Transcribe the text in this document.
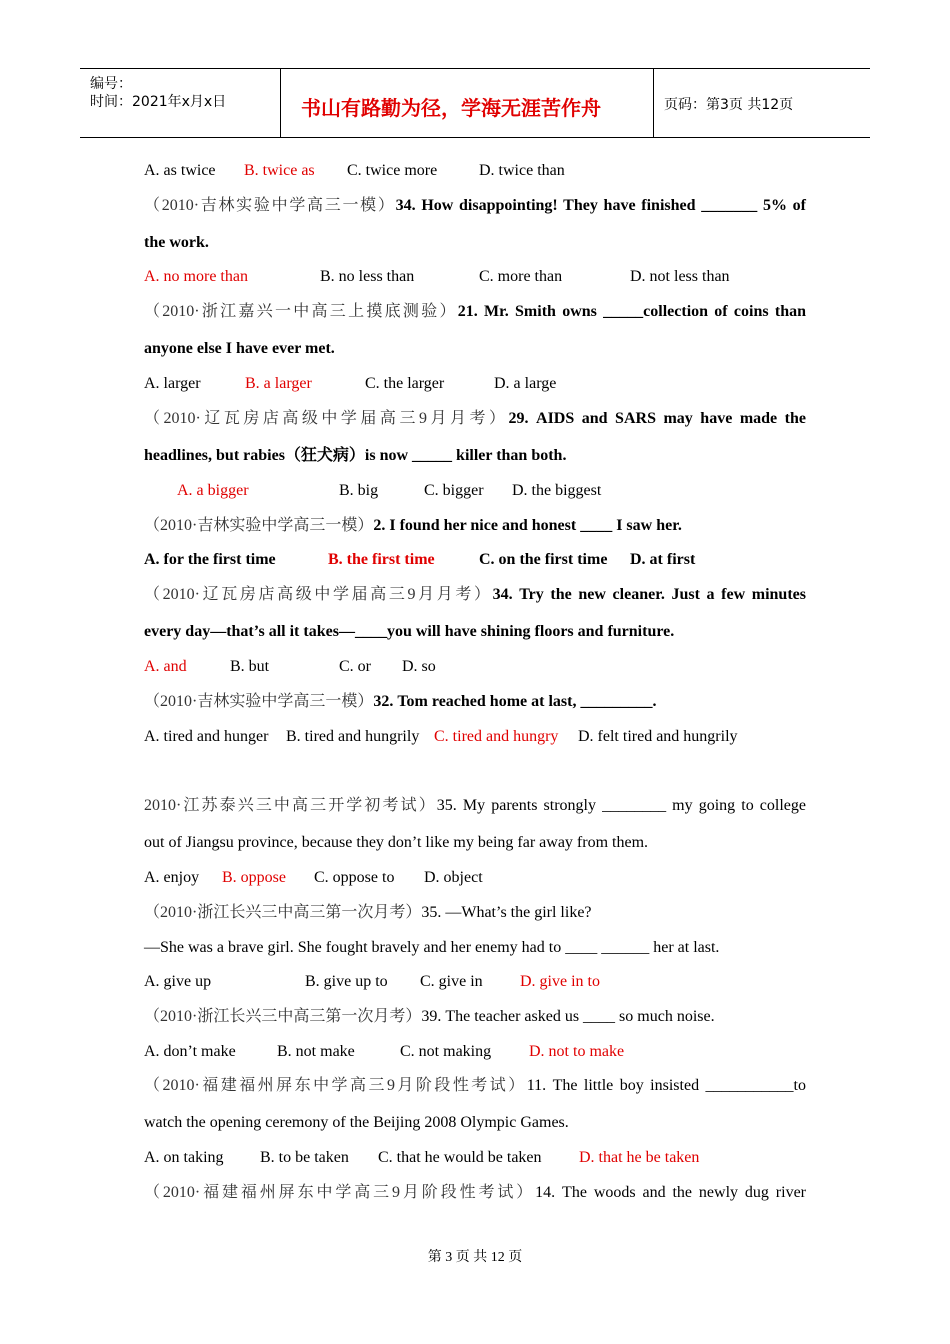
编号：
时间：2021年x月x日	书山有路勤为径，学海无涯苦作舟	页码：第3页 共12页
A. as twice B. twice as C. twice more	D. twice than
（2010·吉林实验中学高三一模）34. How disappointing! They have finished _______ 5% of
the work.
A. no more than	B. no less than	C. more than	D. not less than
（2010·浙江嘉兴一中高三上摸底测验）21. Mr. Smith owns _____collection of coins than
anyone else I have ever met.
A. larger	B. a larger	C. the larger	D. a large
（2010·辽瓦房店高级中学届高三9月月考）29. AIDS and SARS may have made the
headlines, but rabies（狂犬病）is now _____ killer than both.
A. a bigger	B. big	C. bigger D. the biggest
（2010·吉林实验中学高三一模）2. I found her nice and honest ____ I saw her.
A. for the first time	B. the first time	C. on the first time D. at first
（2010·辽瓦房店高级中学届高三9月月考）34. Try the new cleaner. Just a few minutes
every day—that’s all it takes—____you will have shining floors and furniture.
A. and	B. but	C. or D. so
（2010·吉林实验中学高三一模）32. Tom reached home at last, _________.
A. tired and hunger B. tired and hungrily C. tired and hungry D. felt tired and hungrily
2010·江苏泰兴三中高三开学初考试）35. My parents strongly ________ my going to college
out of Jiangsu province, because they don’t like my being far away from them.
A. enjoy B. oppose C. oppose to D. object
（2010·浙江长兴三中高三第一次月考）35. —What’s the girl like?
—She was a brave girl. She fought bravely and her enemy had to ____ ______ her at last.
A. give up	B. give up to C. give in D. give in to
（2010·浙江长兴三中高三第一次月考）39. The teacher asked us ____ so much noise.
A. don’t make	B. not make	C. not making D. not to make
（2010·福建福州屏东中学高三9月阶段性考试）11. The little boy insisted ___________to
watch the opening ceremony of the Beijing 2008 Olympic Games.
A. on taking B. to be taken C. that he would be taken D. that he be taken
（2010·福建福州屏东中学高三9月阶段性考试）14. The woods and the newly dug river
第 3 页 共 12 页
